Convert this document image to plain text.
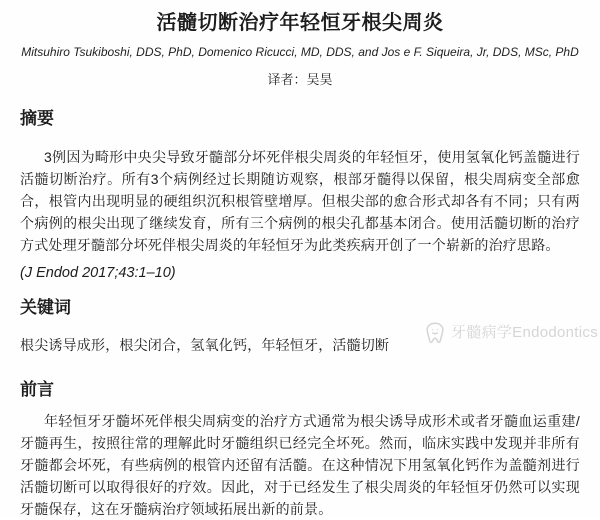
活髓切断治疗年轻恒牙根尖周炎
Mitsuhiro Tsukiboshi, DDS, PhD, Domenico Ricucci, MD, DDS, and Jos e F. Siqueira, Jr, DDS, MSc, PhD
译者：吴昊
摘要

3例因为畸形中央尖导致牙髓部分坏死伴根尖周炎的年轻恒牙，使用氢氧化钙盖髓进行活髓切断治疗。所有3个病例经过长期随访观察，根部牙髓得以保留，根尖周病变全部愈合，根管内出现明显的硬组织沉积根管壁增厚。但根尖部的愈合形式却各有不同；只有两个病例的根尖出现了继续发育，所有三个病例的根尖孔都基本闭合。使用活髓切断的治疗方式处理牙髓部分坏死伴根尖周炎的年轻恒牙为此类疾病开创了一个崭新的治疗思路。

(J Endod 2017;43:1–10)

关键词

根尖诱导成形，根尖闭合，氢氧化钙，年轻恒牙，活髓切断

前言

年轻恒牙牙髓坏死伴根尖周病变的治疗方式通常为根尖诱导成形术或者牙髓血运重建/牙髓再生，按照往常的理解此时牙髓组织已经完全坏死。然而，临床实践中发现并非所有牙髓都会坏死，有些病例的根管内还留有活髓。在这种情况下用氢氧化钙作为盖髓剂进行活髓切断可以取得很好的疗效。因此，对于已经发生了根尖周炎的年轻恒牙仍然可以实现牙髓保存，这在牙髓病治疗领域拓展出新的前景。

牙髓病学Endodontics
